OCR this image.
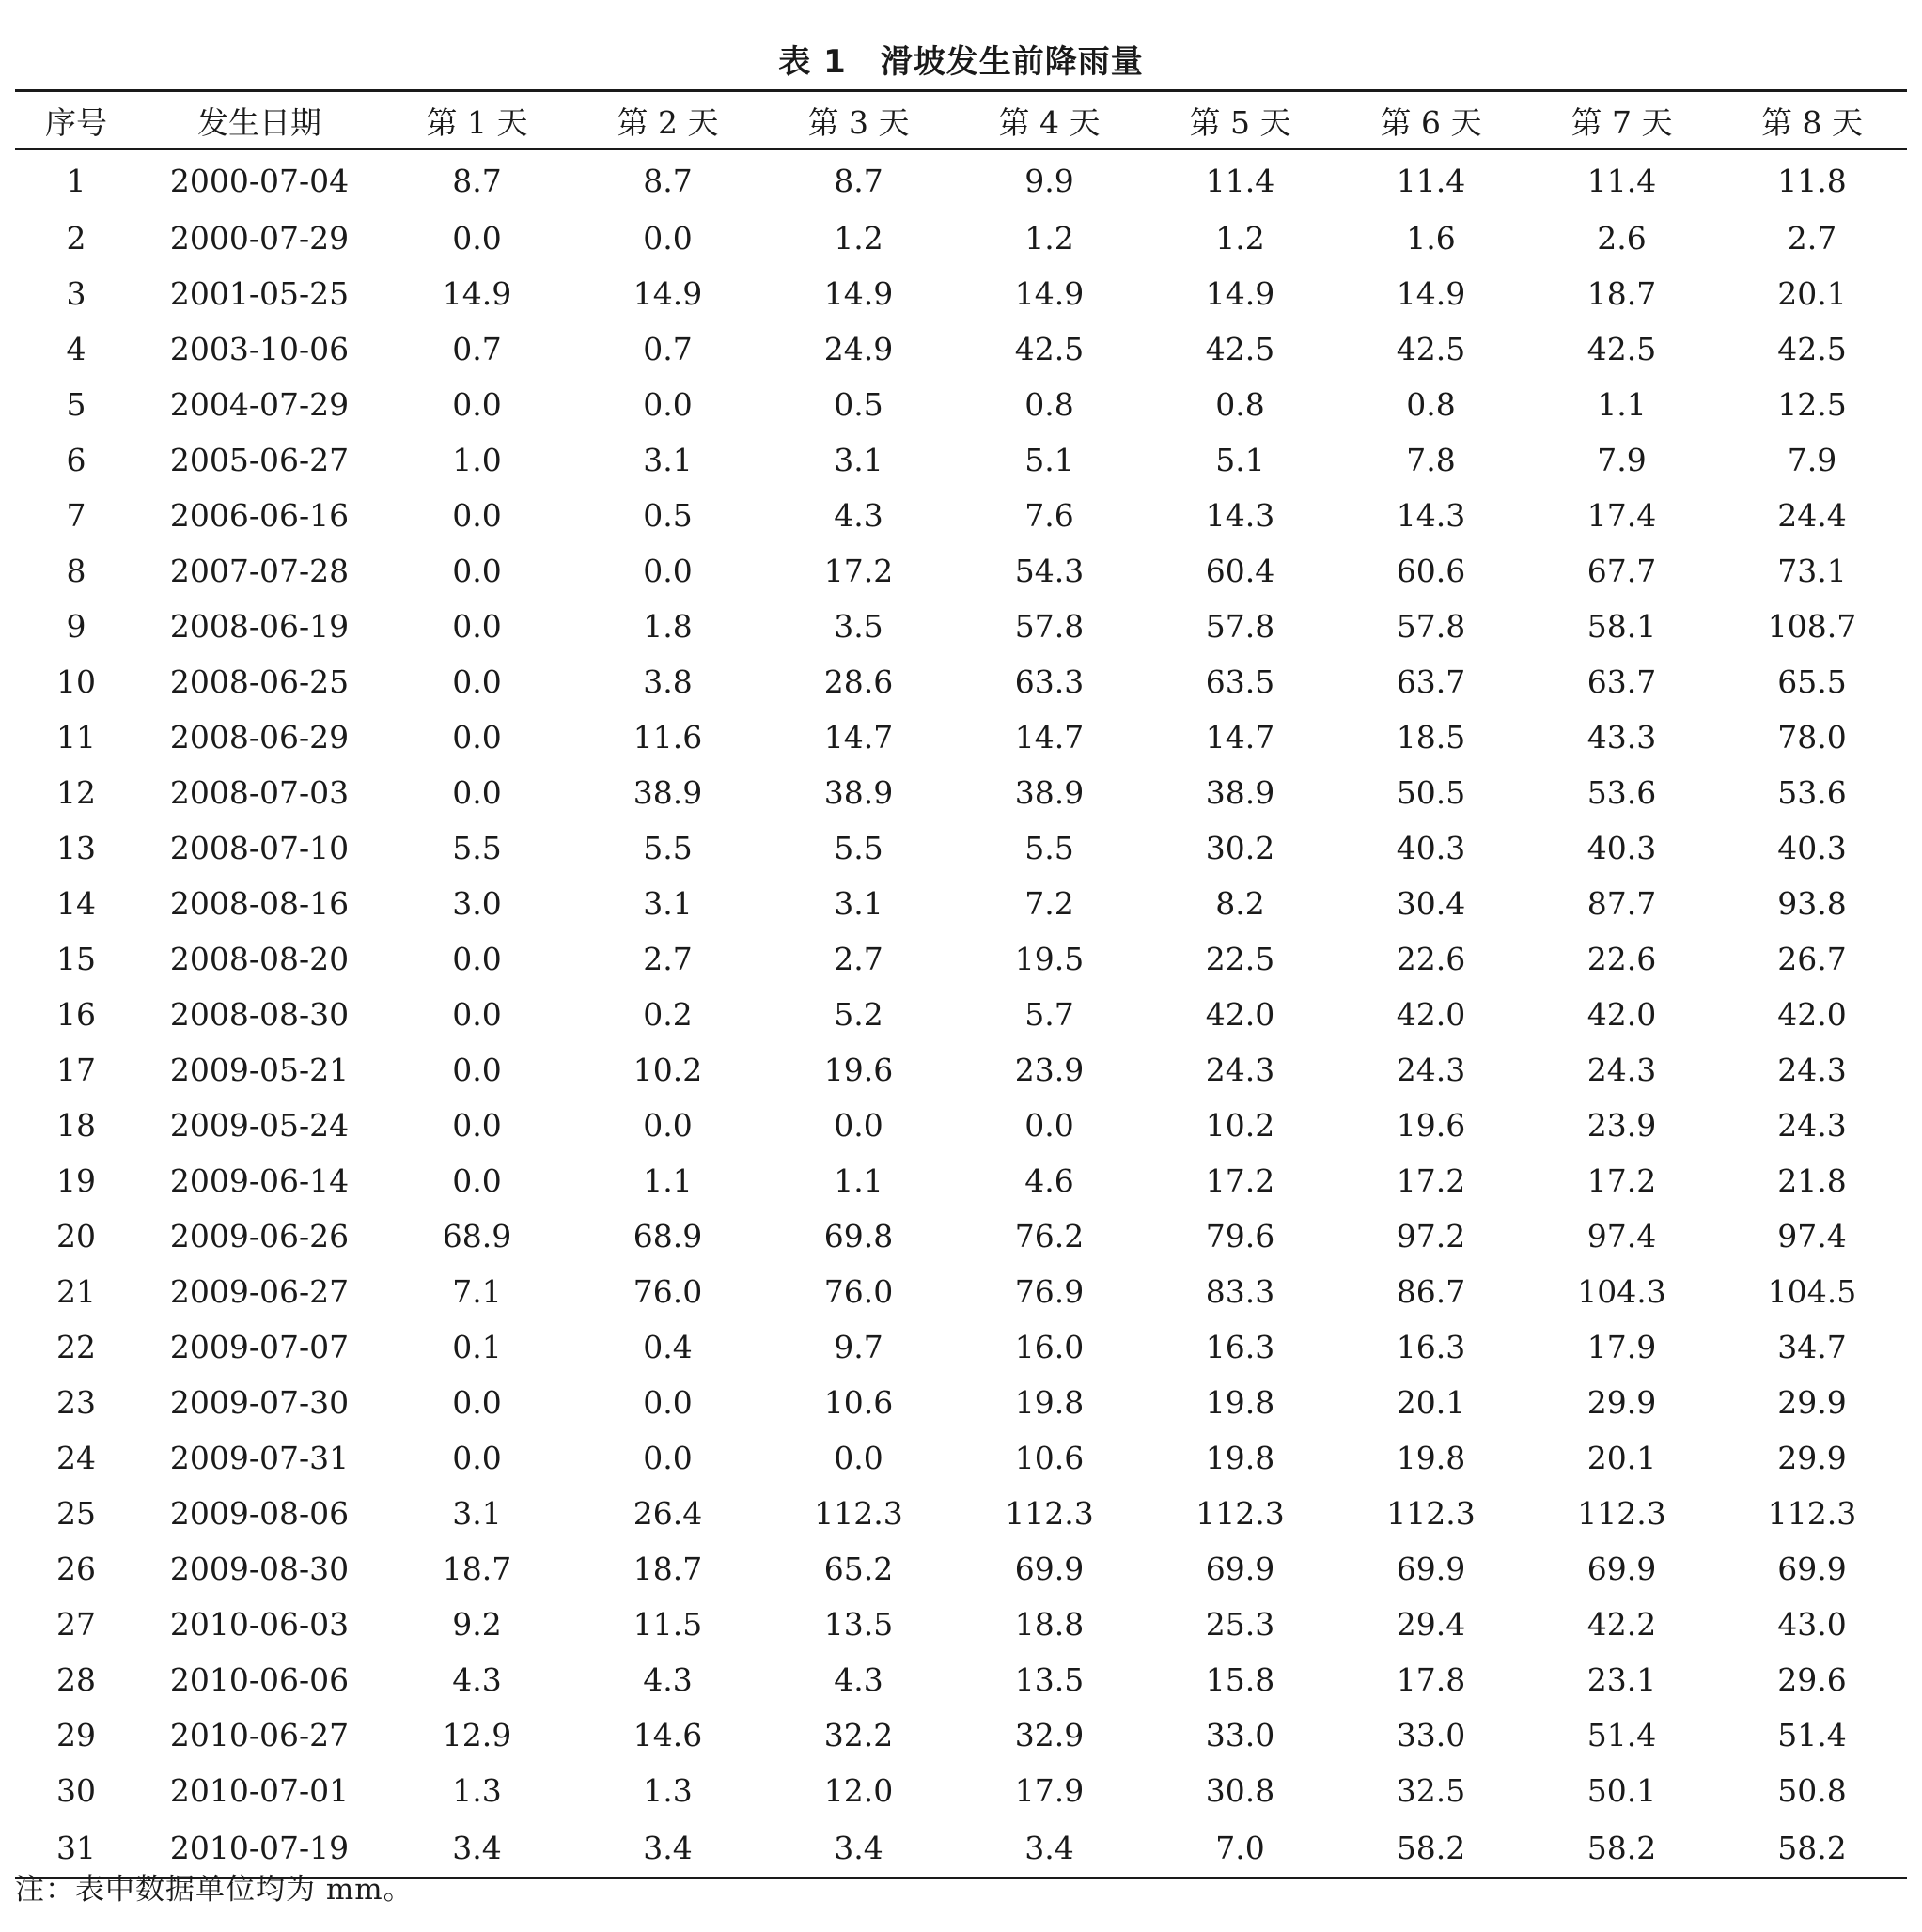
表 1 滑坡发生前降雨量
序号	发生日期	第 1 天	第 2 天	第 3 天	第 4 天	第 5 天	第 6 天	第 7 天	第 8 天
1	2000-07-04	8.7	8.7	8.7	9.9	11.4	11.4	11.4	11.8
2	2000-07-29	0.0	0.0	1.2	1.2	1.2	1.6	2.6	2.7
3	2001-05-25	14.9	14.9	14.9	14.9	14.9	14.9	18.7	20.1
4	2003-10-06	0.7	0.7	24.9	42.5	42.5	42.5	42.5	42.5
5	2004-07-29	0.0	0.0	0.5	0.8	0.8	0.8	1.1	12.5
6	2005-06-27	1.0	3.1	3.1	5.1	5.1	7.8	7.9	7.9
7	2006-06-16	0.0	0.5	4.3	7.6	14.3	14.3	17.4	24.4
8	2007-07-28	0.0	0.0	17.2	54.3	60.4	60.6	67.7	73.1
9	2008-06-19	0.0	1.8	3.5	57.8	57.8	57.8	58.1	108.7
10	2008-06-25	0.0	3.8	28.6	63.3	63.5	63.7	63.7	65.5
11	2008-06-29	0.0	11.6	14.7	14.7	14.7	18.5	43.3	78.0
12	2008-07-03	0.0	38.9	38.9	38.9	38.9	50.5	53.6	53.6
13	2008-07-10	5.5	5.5	5.5	5.5	30.2	40.3	40.3	40.3
14	2008-08-16	3.0	3.1	3.1	7.2	8.2	30.4	87.7	93.8
15	2008-08-20	0.0	2.7	2.7	19.5	22.5	22.6	22.6	26.7
16	2008-08-30	0.0	0.2	5.2	5.7	42.0	42.0	42.0	42.0
17	2009-05-21	0.0	10.2	19.6	23.9	24.3	24.3	24.3	24.3
18	2009-05-24	0.0	0.0	0.0	0.0	10.2	19.6	23.9	24.3
19	2009-06-14	0.0	1.1	1.1	4.6	17.2	17.2	17.2	21.8
20	2009-06-26	68.9	68.9	69.8	76.2	79.6	97.2	97.4	97.4
21	2009-06-27	7.1	76.0	76.0	76.9	83.3	86.7	104.3	104.5
22	2009-07-07	0.1	0.4	9.7	16.0	16.3	16.3	17.9	34.7
23	2009-07-30	0.0	0.0	10.6	19.8	19.8	20.1	29.9	29.9
24	2009-07-31	0.0	0.0	0.0	10.6	19.8	19.8	20.1	29.9
25	2009-08-06	3.1	26.4	112.3	112.3	112.3	112.3	112.3	112.3
26	2009-08-30	18.7	18.7	65.2	69.9	69.9	69.9	69.9	69.9
27	2010-06-03	9.2	11.5	13.5	18.8	25.3	29.4	42.2	43.0
28	2010-06-06	4.3	4.3	4.3	13.5	15.8	17.8	23.1	29.6
29	2010-06-27	12.9	14.6	32.2	32.9	33.0	33.0	51.4	51.4
30	2010-07-01	1.3	1.3	12.0	17.9	30.8	32.5	50.1	50.8
31	2010-07-19	3.4	3.4	3.4	3.4	7.0	58.2	58.2	58.2
注：表中数据单位均为 mm。
